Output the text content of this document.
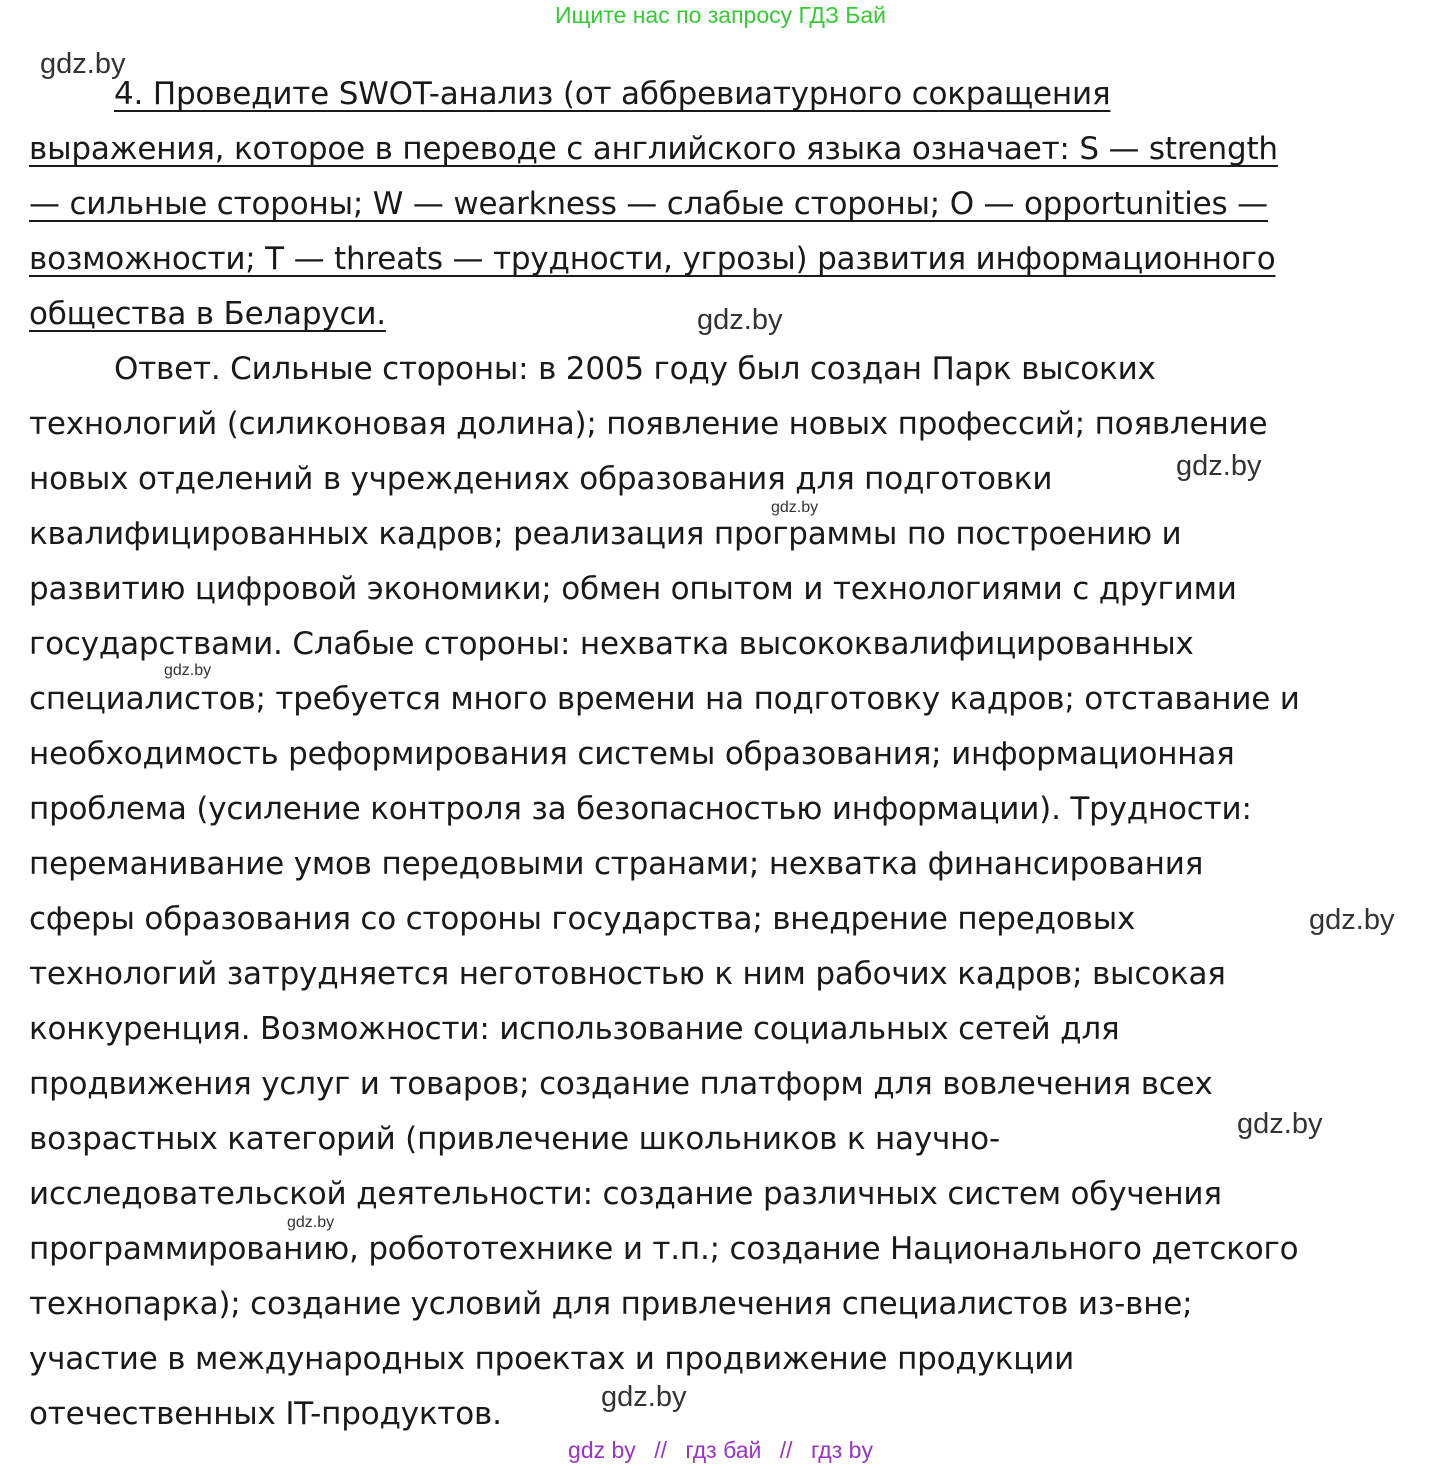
Ищите нас по запросу ГДЗ Бай
gdz.by
gdz.by
gdz.by
gdz.by
gdz.by
gdz.by
gdz.by
gdz.by
gdz.by
4. Проведите SWOT-анализ (от аббревиатурного сокращения
выражения, которое в переводе с английского языка означает: S — strength
— сильные стороны; W — wearkness — слабые стороны; O — opportunities —
возможности; T — threats — трудности, угрозы) развития информационного
общества в Беларуси.
Ответ. Сильные стороны: в 2005 году был создан Парк высоких
технологий (силиконовая долина); появление новых профессий; появление
новых отделений в учреждениях образования для подготовки
квалифицированных кадров; реализация программы по построению и
развитию цифровой экономики; обмен опытом и технологиями с другими
государствами. Слабые стороны: нехватка высококвалифицированных
специалистов; требуется много времени на подготовку кадров; отставание и
необходимость реформирования системы образования; информационная
проблема (усиление контроля за безопасностью информации). Трудности:
переманивание умов передовыми странами; нехватка финансирования
сферы образования со стороны государства; внедрение передовых
технологий затрудняется неготовностью к ним рабочих кадров; высокая
конкуренция. Возможности: использование социальных сетей для
продвижения услуг и товаров; создание платформ для вовлечения всех
возрастных категорий (привлечение школьников к научно-
исследовательской деятельности: создание различных систем обучения
программированию, робототехнике и т.п.; создание Национального детского
технопарка); создание условий для привлечения специалистов из-вне;
участие в международных проектах и продвижение продукции
отечественных IT-продуктов.
gdz by // гдз бай // гдз by
